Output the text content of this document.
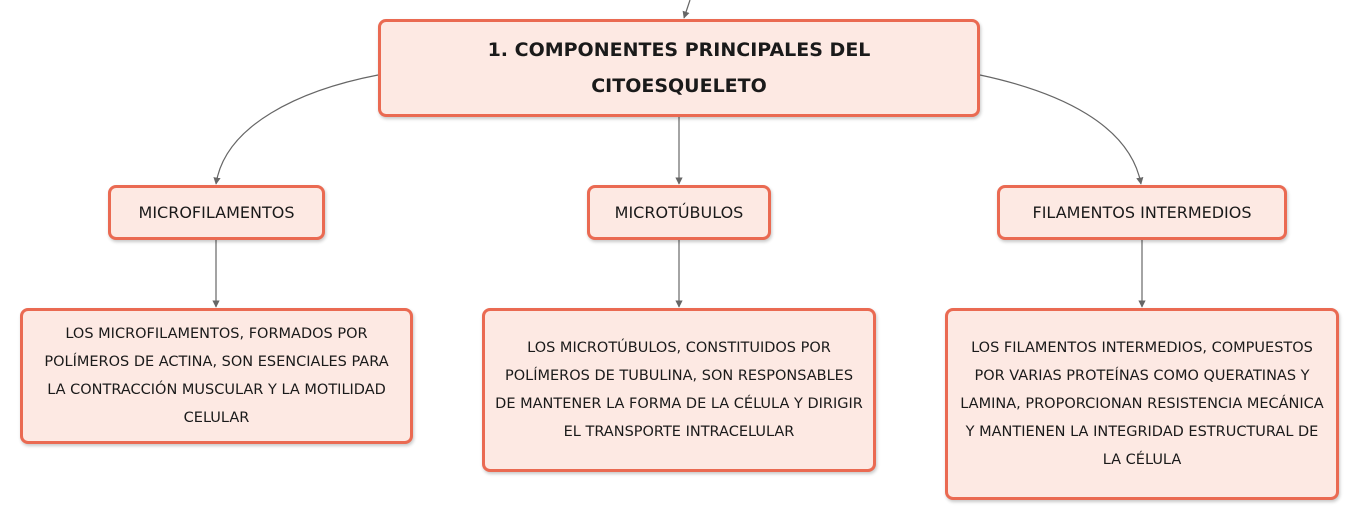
1. COMPONENTES PRINCIPALES DEL CITOESQUELETO
MICROFILAMENTOS	MICROTÚBULOS	FILAMENTOS INTERMEDIOS
LOS MICROFILAMENTOS, FORMADOS POR POLÍMEROS DE ACTINA, SON ESENCIALES PARA LA CONTRACCIÓN MUSCULAR Y LA MOTILIDAD CELULAR
LOS MICROTÚBULOS, CONSTITUIDOS POR POLÍMEROS DE TUBULINA, SON RESPONSABLES DE MANTENER LA FORMA DE LA CÉLULA Y DIRIGIR EL TRANSPORTE INTRACELULAR
LOS FILAMENTOS INTERMEDIOS, COMPUESTOS POR VARIAS PROTEÍNAS COMO QUERATINAS Y LAMINA, PROPORCIONAN RESISTENCIA MECÁNICA Y MANTIENEN LA INTEGRIDAD ESTRUCTURAL DE LA CÉLULA
